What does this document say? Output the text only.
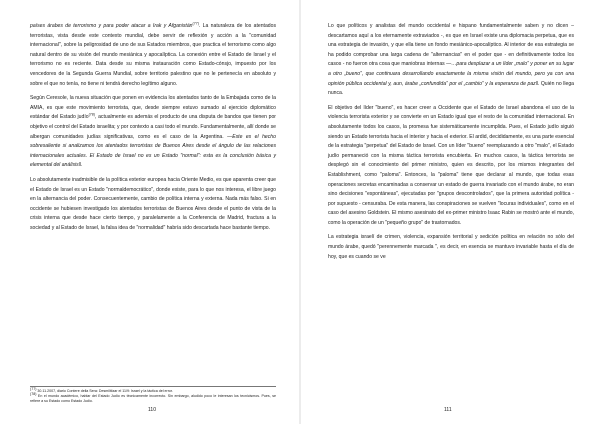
países árabes de terrorismo y para poder atacar a Irak y Afganistán$^{(77)}$. La naturaleza de los atentados terroristas, vista desde este contexto mundial, debe servir de reflexión y acción a la "comunidad internacional", sobre la peligrosidad de uno de sus Estados miembros, que practica el terrorismo como algo natural dentro de su visión del mundo mesiánica y apocalíptica. La conexión entre el Estado de Israel y el terrorismo no es reciente. Data desde su misma instauración como Estado-cónsjo, impuesto por los vencedores de la Segunda Guerra Mundial, sobre territorio palestino que no le pertenecía en absoluto y sobre el que no tenía, no tiene ni tendrá derecho legítimo alguno.

Según Ceresole, la nueva situación que ponen en evidencia los atentados tanto de la Embajada como de la AMIA, es que este movimiento terrorista, que, desde siempre estuvo sumado al ejercicio diplomático estándar del Estado judío$^{(78)}$, actualmente es además el producto de una disputa de bandos que tienen por objetivo el control del Estado israelita; y por contexto a casi todo el mundo. Fundamentalmente, allí donde se albergan comunidades judías significativas, como es el caso de la Argentina. —Este es el hecho sobresaliente si analizamos los atentados terroristas de Buenos Aires desde el ángulo de las relaciones internacionales actuales. El Estado de Israel no es un Estado "normal": esta es la conclusión básica y elemental del análisis‖.

Lo absolutamente inadmisible de la política exterior europea hacia Oriente Medio, es que aparenta creer que el Estado de Israel es un Estado "normaldemocrático", donde existe, para lo que nos interesa, el libre juego en la alternancia del poder. Consecuentemente, cambio de política interna y externa. Nada más falso. Si en occidente se hubiesen investigado los atentados terroristas de Buenos Aires desde el punto de vista de la crisis interna que desde hace cierto tiempo, y paralelamente a la Conferencia de Madrid, fractura a la sociedad y al Estado de Israel, la falsa idea de "normalidad" habría sido descartada hace bastante tiempo.

$^{(77)}$ 30.11.2007, diario Contere della Sera: Desmilitizar el 11/9: Israel y la táctica del error.

$^{(78)}$ En el mundo académico, hablar del Estado Judío es técnicamente incorrecto. Sin embargo, aludido poco le interesan los tecnicismos. Pues, se refiere a su Estado como Estado Judío.

110

Lo que políticos y analistas del mundo occidental e hispano fundamentalmente saben y no dicen – descartamos aquí a los eternamente extraviados -, es que en Israel existe una diplomacia perpetua, que es una estrategia de invasión, y que ella tiene un fondo mesiánico-apocalíptico. Al interior de esa estrategia se ha podido comprobar una larga cadena de "alternancias" en el poder que - en definitivamente todos los casos - no fueron otra cosa que maniobras internas —…para desplazar a un líder „malo‟ y poner en su lugar a otro „bueno‟, que continuara desarrollando exactamente la misma visión del mundo, pero ya con una opinión pública occidental y, aun, árabe „confundida‟ por el „cambio‟ y la esperanza de paz‖. Quién no llega nunca.

El objetivo del líder "bueno", es hacer creer a Occidente que el Estado de Israel abandona el uso de la violencia terrorista exterior y se convierte en un Estado igual que el resto de la comunidad internacional. En absolutamente todos los casos, la promesa fue sistemáticamente incumplida. Pues, el Estado judío siguió siendo un Estado terrorista hacia el interior y hacia el exterior. El ardid, decididamente, es una parte esencial de la estrategia "perpetua" del Estado de Israel. Con un líder "bueno" reemplazando a otro "malo", el Estado judío permaneció con la misma táctica terrorista encubierta. En muchos casos, la táctica terrorista se desplegó sin el conocimiento del primer ministro, quien es descrito, por los mismos integrantes del Establishment, como "paloma". Entonces, la "paloma" tiene que declarar al mundo, que todas esas operaciones secretas encaminadas a conservar un estado de guerra invariado con el mundo árabe, no eran sino decisiones "espontáneas", ejecutadas por "grupos descontrolados", que la primera autoridad política - por supuesto - censuraba. De esta manera, las conspiraciones se vuelven "locuras individuales", como en el caso del asesino Goldstein. El mismo asesinato del ex-primer ministro Isaac Rabin se mostró ante el mundo, como la operación de un "pequeño grupo" de trastornados.

La estrategia israelí de crimen, violencia, expansión territorial y sedición política en relación no sólo del mundo árabe, quedó "perennemente marcada ", es decir, en esencia se mantuvo invariable hasta el día de hoy, que es cuando se ve

111
